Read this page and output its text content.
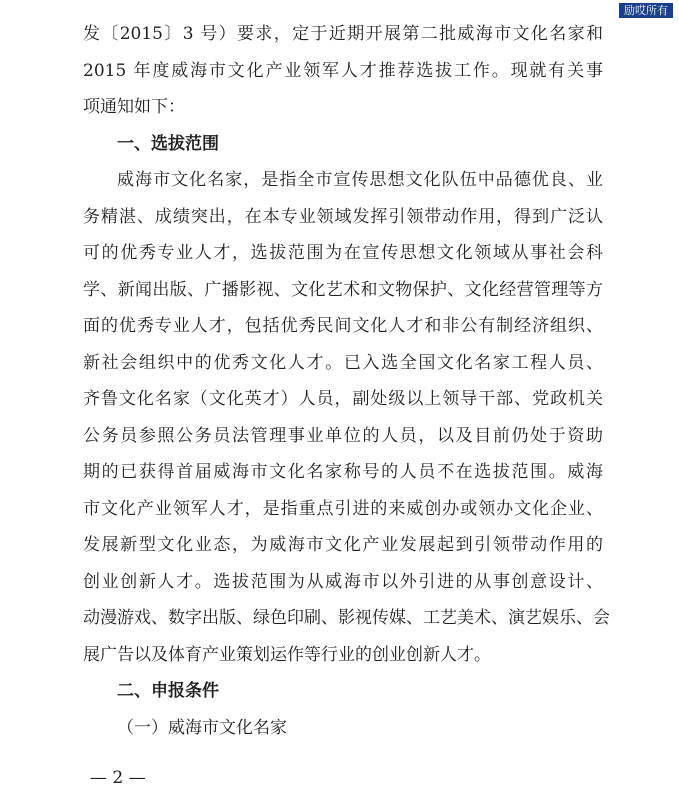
励哎所有
发〔2015〕3 号）要求，定于近期开展第二批威海市文化名家和
2015 年度威海市文化产业领军人才推荐选拔工作。现就有关事
项通知如下：
一、选拔范围
威海市文化名家，是指全市宣传思想文化队伍中品德优良、业
务精湛、成绩突出，在本专业领域发挥引领带动作用，得到广泛认
可的优秀专业人才，选拔范围为在宣传思想文化领域从事社会科
学、新闻出版、广播影视、文化艺术和文物保护、文化经营管理等方
面的优秀专业人才，包括优秀民间文化人才和非公有制经济组织、
新社会组织中的优秀文化人才。已入选全国文化名家工程人员、
齐鲁文化名家（文化英才）人员，副处级以上领导干部、党政机关
公务员参照公务员法管理事业单位的人员，以及目前仍处于资助
期的已获得首届威海市文化名家称号的人员不在选拔范围。威海
市文化产业领军人才，是指重点引进的来威创办或领办文化企业、
发展新型文化业态，为威海市文化产业发展起到引领带动作用的
创业创新人才。选拔范围为从威海市以外引进的从事创意设计、
动漫游戏、数字出版、绿色印刷、影视传媒、工艺美术、演艺娱乐、会
展广告以及体育产业策划运作等行业的创业创新人才。
二、申报条件
（一）威海市文化名家
— 2 —
